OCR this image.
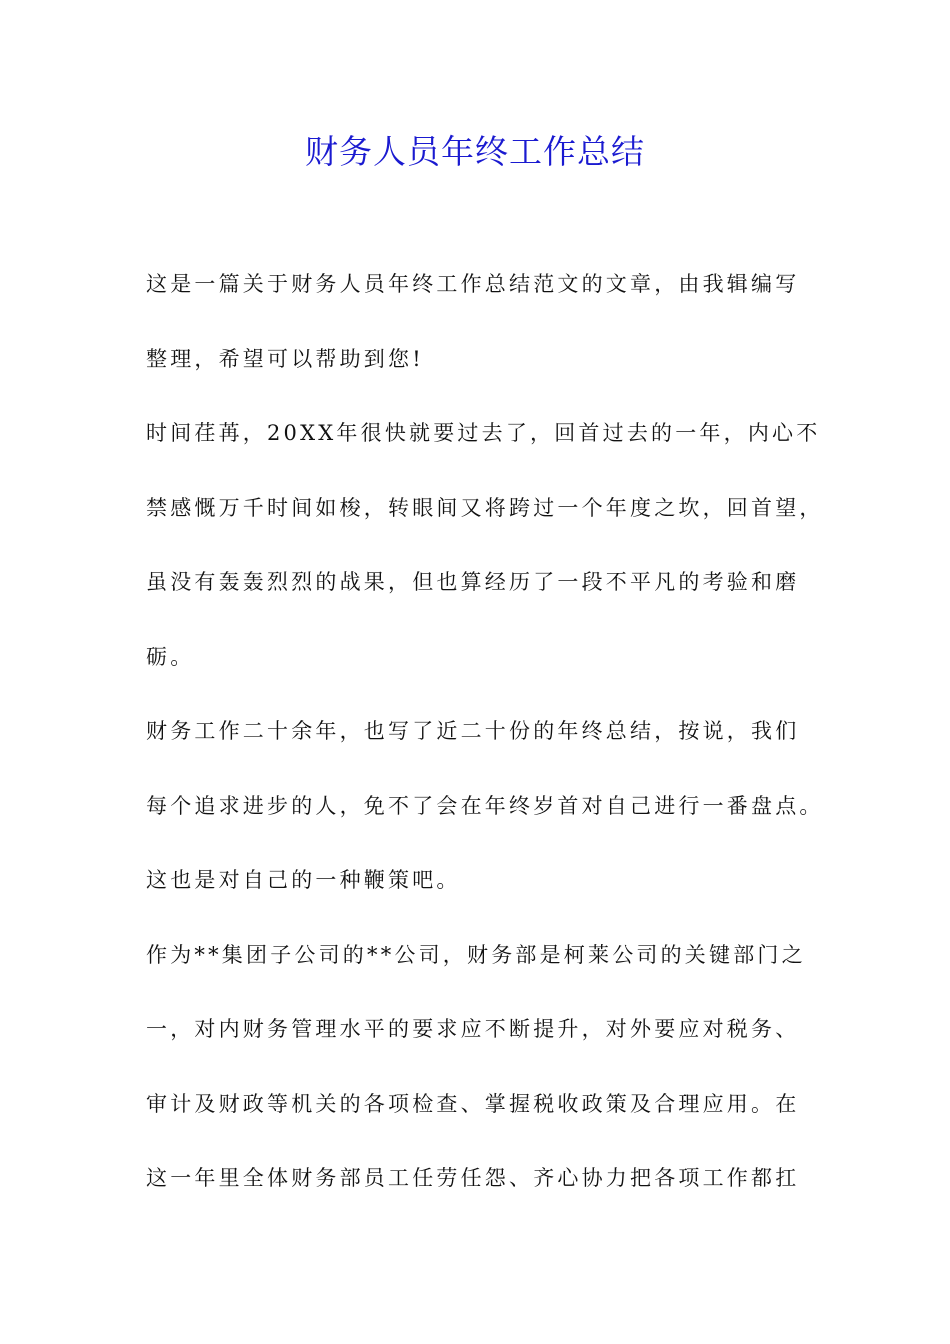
财务人员年终工作总结
这是一篇关于财务人员年终工作总结范文的文章，由我辑编写
整理，希望可以帮助到您!
时间荏苒，20XX年很快就要过去了，回首过去的一年，内心不
禁感慨万千时间如梭，转眼间又将跨过一个年度之坎，回首望，
虽没有轰轰烈烈的战果，但也算经历了一段不平凡的考验和磨
砺。
财务工作二十余年，也写了近二十份的年终总结，按说，我们
每个追求进步的人，免不了会在年终岁首对自己进行一番盘点。
这也是对自己的一种鞭策吧。
作为**集团子公司的**公司，财务部是柯莱公司的关键部门之
一，对内财务管理水平的要求应不断提升，对外要应对税务、
审计及财政等机关的各项检查、掌握税收政策及合理应用。在
这一年里全体财务部员工任劳任怨、齐心协力把各项工作都扛
